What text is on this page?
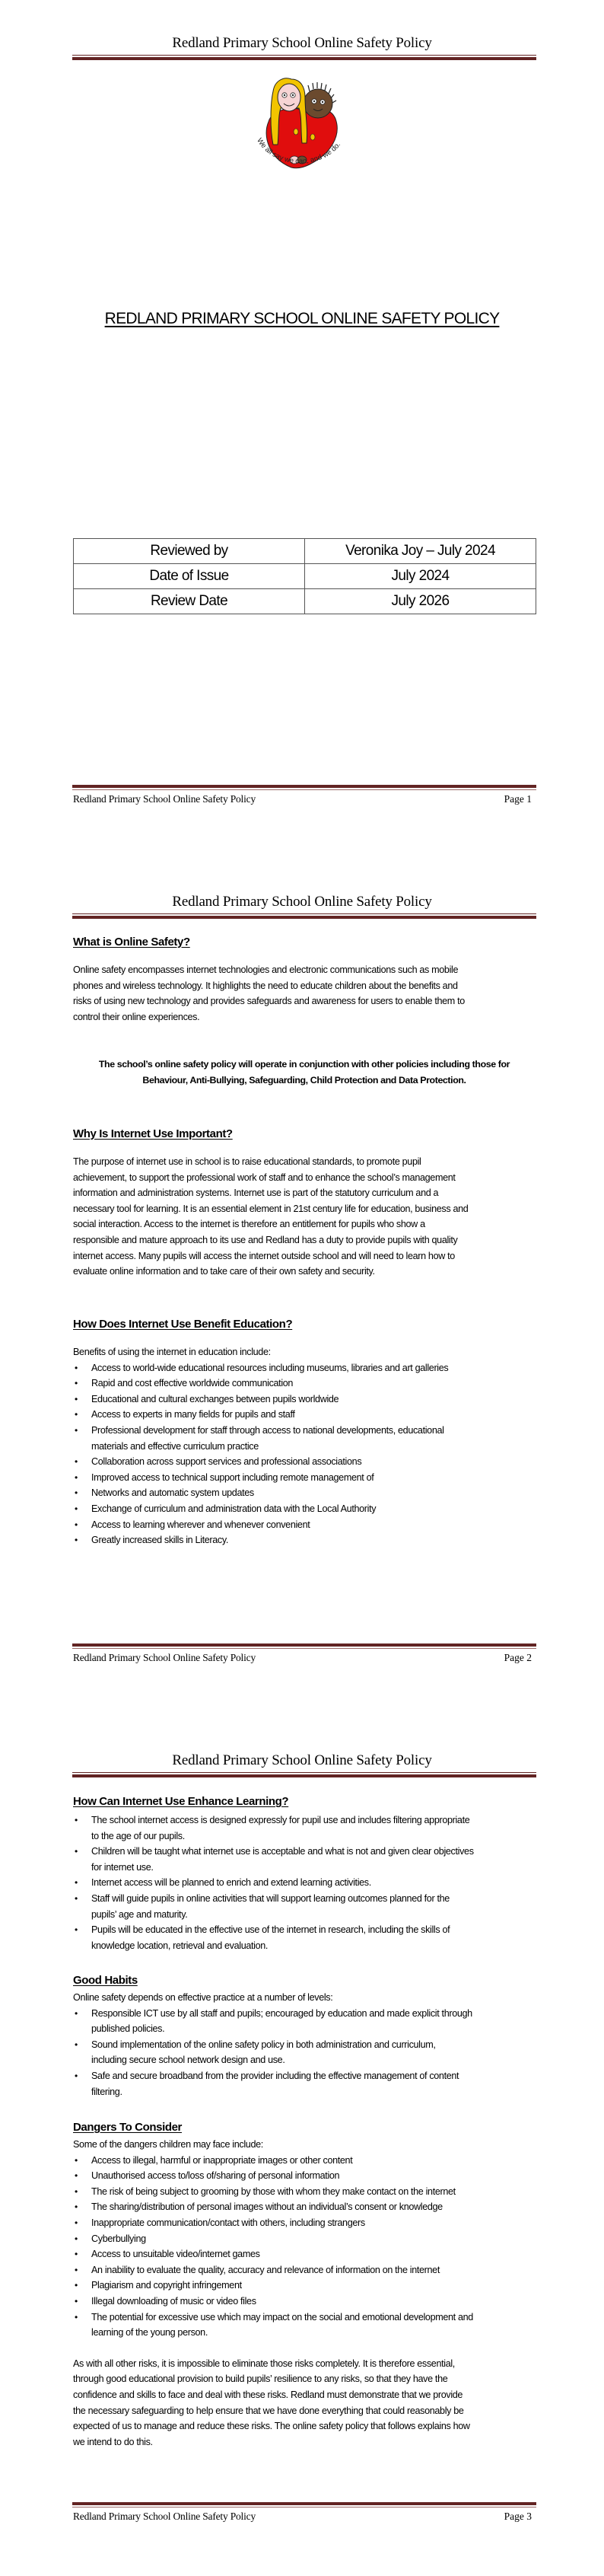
Redland Primary School Online Safety Policy
We all say we can, and we do.
REDLAND PRIMARY SCHOOL ONLINE SAFETY POLICY
Reviewed by	Veronika Joy – July 2024
Date of Issue	July 2024
Review Date	July 2026
Redland Primary School Online Safety Policy	Page 1
Redland Primary School Online Safety Policy
What is Online Safety?
Online safety encompasses internet technologies and electronic communications such as mobile
phones and wireless technology. It highlights the need to educate children about the benefits and
risks of using new technology and provides safeguards and awareness for users to enable them to
control their online experiences.
The school’s online safety policy will operate in conjunction with other policies including those for
Behaviour, Anti-Bullying, Safeguarding, Child Protection and Data Protection.
Why Is Internet Use Important?
The purpose of internet use in school is to raise educational standards, to promote pupil
achievement, to support the professional work of staff and to enhance the school’s management
information and administration systems. Internet use is part of the statutory curriculum and a
necessary tool for learning. It is an essential element in 21st century life for education, business and
social interaction. Access to the internet is therefore an entitlement for pupils who show a
responsible and mature approach to its use and Redland has a duty to provide pupils with quality
internet access. Many pupils will access the internet outside school and will need to learn how to
evaluate online information and to take care of their own safety and security.
How Does Internet Use Benefit Education?
Benefits of using the internet in education include:
• Access to world-wide educational resources including museums, libraries and art galleries
• Rapid and cost effective worldwide communication
• Educational and cultural exchanges between pupils worldwide
• Access to experts in many fields for pupils and staff
• Professional development for staff through access to national developments, educational
materials and effective curriculum practice
• Collaboration across support services and professional associations
• Improved access to technical support including remote management of
• Networks and automatic system updates
• Exchange of curriculum and administration data with the Local Authority
• Access to learning wherever and whenever convenient
• Greatly increased skills in Literacy.
Redland Primary School Online Safety Policy	Page 2
Redland Primary School Online Safety Policy
How Can Internet Use Enhance Learning?
• The school internet access is designed expressly for pupil use and includes filtering appropriate
to the age of our pupils.
• Children will be taught what internet use is acceptable and what is not and given clear objectives
for internet use.
• Internet access will be planned to enrich and extend learning activities.
• Staff will guide pupils in online activities that will support learning outcomes planned for the
pupils’ age and maturity.
• Pupils will be educated in the effective use of the internet in research, including the skills of
knowledge location, retrieval and evaluation.
Good Habits
Online safety depends on effective practice at a number of levels:
• Responsible ICT use by all staff and pupils; encouraged by education and made explicit through
published policies.
• Sound implementation of the online safety policy in both administration and curriculum,
including secure school network design and use.
• Safe and secure broadband from the provider including the effective management of content
filtering.
Dangers To Consider
Some of the dangers children may face include:
• Access to illegal, harmful or inappropriate images or other content
• Unauthorised access to/loss of/sharing of personal information
• The risk of being subject to grooming by those with whom they make contact on the internet
• The sharing/distribution of personal images without an individual’s consent or knowledge
• Inappropriate communication/contact with others, including strangers
• Cyberbullying
• Access to unsuitable video/internet games
• An inability to evaluate the quality, accuracy and relevance of information on the internet
• Plagiarism and copyright infringement
• Illegal downloading of music or video files
• The potential for excessive use which may impact on the social and emotional development and
learning of the young person.
As with all other risks, it is impossible to eliminate those risks completely. It is therefore essential,
through good educational provision to build pupils’ resilience to any risks, so that they have the
confidence and skills to face and deal with these risks. Redland must demonstrate that we provide
the necessary safeguarding to help ensure that we have done everything that could reasonably be
expected of us to manage and reduce these risks. The online safety policy that follows explains how
we intend to do this.
Redland Primary School Online Safety Policy	Page 3
